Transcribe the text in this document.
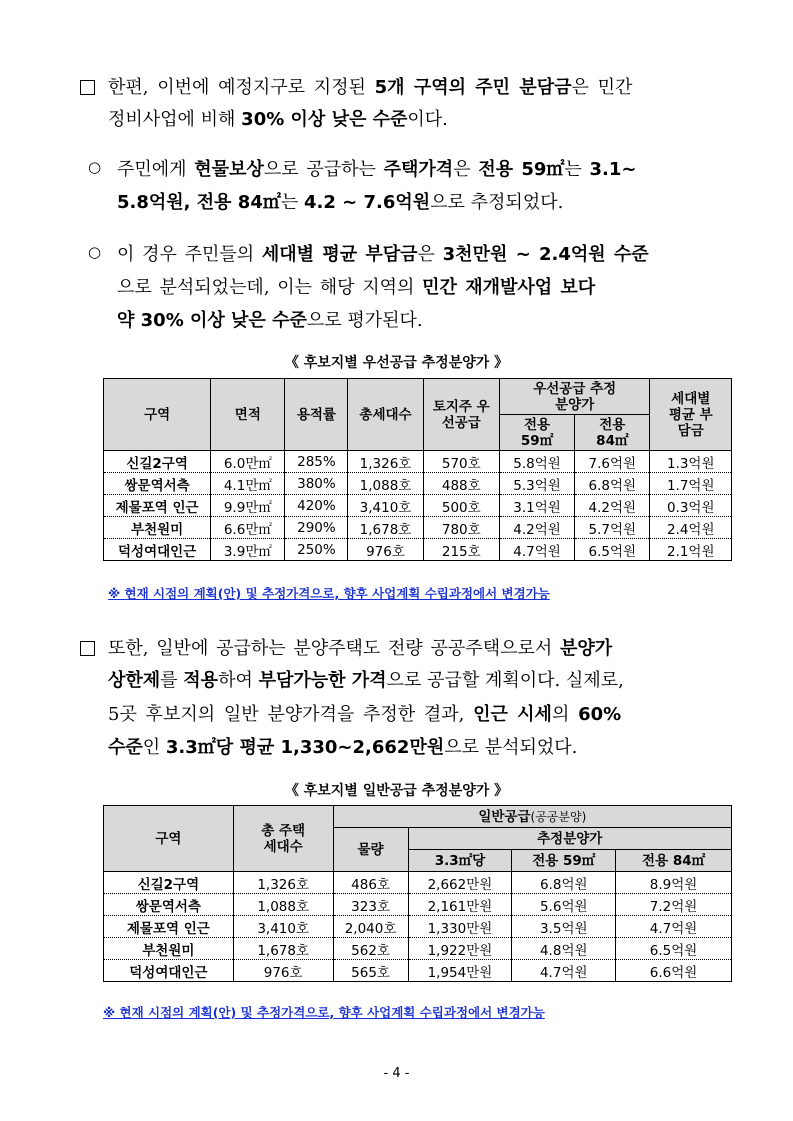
한편, 이번에 예정지구로 지정된 5개 구역의 주민 분담금은 민간
정비사업에 비해 30% 이상 낮은 수준이다.
○ 주민에게 현물보상으로 공급하는 주택가격은 전용 59㎡는 3.1∼
5.8억원, 전용 84㎡는 4.2 ∼ 7.6억원으로 추정되었다.
○ 이 경우 주민들의 세대별 평균 부담금은 3천만원 ∼ 2.4억원 수준
으로 분석되었는데, 이는 해당 지역의 민간 재개발사업 보다
약 30% 이상 낮은 수준으로 평가된다.
《 후보지별 우선공급 추정분양가 》
구역	면적	용적률	총세대수	토지주 우선공급	우선공급 추정분양가		세대별 평균 부담금
					전용 59㎡	전용 84㎡	
신길2구역	6.0만㎡	285%	1,326호	570호	5.8억원	7.6억원	1.3억원
쌍문역서측	4.1만㎡	380%	1,088호	488호	5.3억원	6.8억원	1.7억원
제물포역 인근	9.9만㎡	420%	3,410호	500호	3.1억원	4.2억원	0.3억원
부천원미	6.6만㎡	290%	1,678호	780호	4.2억원	5.7억원	2.4억원
덕성여대인근	3.9만㎡	250%	976호	215호	4.7억원	6.5억원	2.1억원
※ 현재 시점의 계획(안) 및 추정가격으로, 향후 사업계획 수립과정에서 변경가능
또한, 일반에 공급하는 분양주택도 전량 공공주택으로서 분양가
상한제를 적용하여 부담가능한 가격으로 공급할 계획이다. 실제로,
5곳 후보지의 일반 분양가격을 추정한 결과, 인근 시세의 60%
수준인 3.3㎡당 평균 1,330∼2,662만원으로 분석되었다.
《 후보지별 일반공급 추정분양가 》
구역	총 주택 세대수	일반공급(공공분양)			
		물량	추정분양가		
			3.3㎡당	전용 59㎡	전용 84㎡
신길2구역	1,326호	486호	2,662만원	6.8억원	8.9억원
쌍문역서측	1,088호	323호	2,161만원	5.6억원	7.2억원
제물포역 인근	3,410호	2,040호	1,330만원	3.5억원	4.7억원
부천원미	1,678호	562호	1,922만원	4.8억원	6.5억원
덕성여대인근	976호	565호	1,954만원	4.7억원	6.6억원
※ 현재 시점의 계획(안) 및 추정가격으로, 향후 사업계획 수립과정에서 변경가능
- 4 -
